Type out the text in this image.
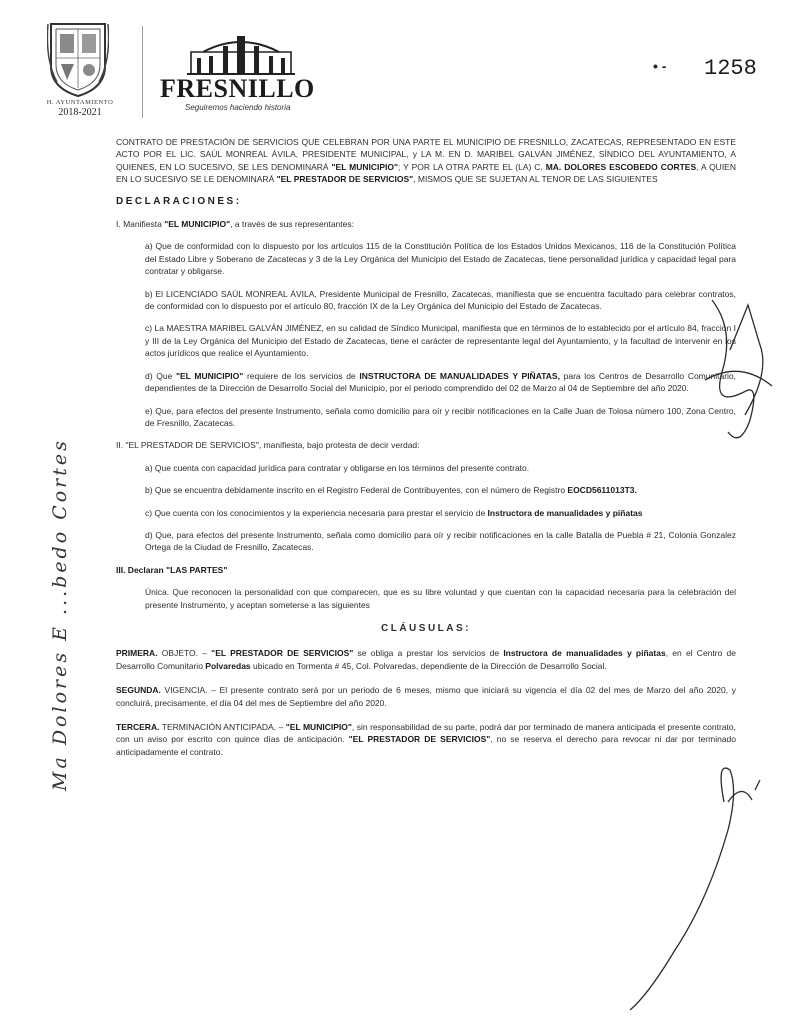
H. AYUNTAMIENTO
2018-2021
FRESNILLO
Seguiremos haciendo historia
• - 1258

CONTRATO DE PRESTACIÓN DE SERVICIOS QUE CELEBRAN POR UNA PARTE EL MUNICIPIO DE FRESNILLO, ZACATECAS, REPRESENTADO EN ESTE ACTO POR EL LIC. SAÚL MONREAL ÁVILA, PRESIDENTE MUNICIPAL, y LA M. EN D. MARIBEL GALVÁN JIMÉNEZ, SÍNDICO DEL AYUNTAMIENTO, A QUIENES, EN LO SUCESIVO, SE LES DENOMINARÁ "EL MUNICIPIO"; Y POR LA OTRA PARTE EL (LA) C. MA. DOLORES ESCOBEDO CORTES, A QUIEN EN LO SUCESIVO SE LE DENOMINARÁ "EL PRESTADOR DE SERVICIOS", MISMOS QUE SE SUJETAN AL TENOR DE LAS SIGUIENTES

DECLARACIONES:

I. Manifiesta "EL MUNICIPIO", a través de sus representantes:

a) Que de conformidad con lo dispuesto por los artículos 115 de la Constitución Política de los Estados Unidos Mexicanos, 116 de la Constitución Política del Estado Libre y Soberano de Zacatecas y 3 de la Ley Orgánica del Municipio del Estado de Zacatecas, tiene personalidad jurídica y capacidad legal para contratar y obligarse.

b) El LICENCIADO SAÚL MONREAL ÁVILA, Presidente Municipal de Fresnillo, Zacatecas, manifiesta que se encuentra facultado para celebrar contratos, de conformidad con lo dispuesto por el artículo 80, fracción IX de la Ley Orgánica del Municipio del Estado de Zacatecas.

c) La MAESTRA MARIBEL GALVÁN JIMÉNEZ, en su calidad de Síndico Municipal, manifiesta que en términos de lo establecido por el artículo 84, fracción I y III de la Ley Orgánica del Municipio del Estado de Zacatecas, tiene el carácter de representante legal del Ayuntamiento, y la facultad de intervenir en los actos jurídicos que realice el Ayuntamiento.

d) Que "EL MUNICIPIO" requiere de los servicios de INSTRUCTORA DE MANUALIDADES Y PIÑATAS, para los Centros de Desarrollo Comunitario, dependientes de la Dirección de Desarrollo Social del Municipio, por el periodo comprendido del 02 de Marzo al 04 de Septiembre del año 2020.

e) Que, para efectos del presente Instrumento, señala como domicilio para oír y recibir notificaciones en la Calle Juan de Tolosa número 100, Zona Centro, de Fresnillo, Zacatecas.

II. "EL PRESTADOR DE SERVICIOS", manifiesta, bajo protesta de decir verdad:

a) Que cuenta con capacidad jurídica para contratar y obligarse en los términos del presente contrato.

b) Que se encuentra debidamente inscrito en el Registro Federal de Contribuyentes, con el número de Registro EOCD5611013T3.

c) Que cuenta con los conocimientos y la experiencia necesaria para prestar el servicio de Instructora de manualidades y piñatas

d) Que, para efectos del presente Instrumento, señala como domicilio para oír y recibir notificaciones en la calle Batalla de Puebla # 21, Colonia Gonzalez Ortega de la Ciudad de Fresnillo, Zacatecas.

III. Declaran "LAS PARTES"

Única. Que reconocen la personalidad con que comparecen, que es su libre voluntad y que cuentan con la capacidad necesaria para la celebración del presente Instrumento, y aceptan someterse a las siguientes

CLÁUSULAS:

PRIMERA. OBJETO. – "EL PRESTADOR DE SERVICIOS" se obliga a prestar los servicios de Instructora de manualidades y piñatas, en el Centro de Desarrollo Comunitario Polvaredas ubicado en Tormenta # 45, Col. Polvaredas, dependiente de la Dirección de Desarrollo Social.

SEGUNDA. VIGENCIA. – El presente contrato será por un periodo de 6 meses, mismo que iniciará su vigencia el día 02 del mes de Marzo del año 2020, y concluirá, precisamente, el día 04 del mes de Septiembre del año 2020.

TERCERA. TERMINACIÓN ANTICIPADA. – "EL MUNICIPIO", sin responsabilidad de su parte, podrá dar por terminado de manera anticipada el presente contrato, con un aviso por escrito con quince días de anticipación. "EL PRESTADOR DE SERVICIOS", no se reserva el derecho para revocar ni dar por terminado anticipadamente el contrato.

Ma Dolores E ...bedo Cortes
